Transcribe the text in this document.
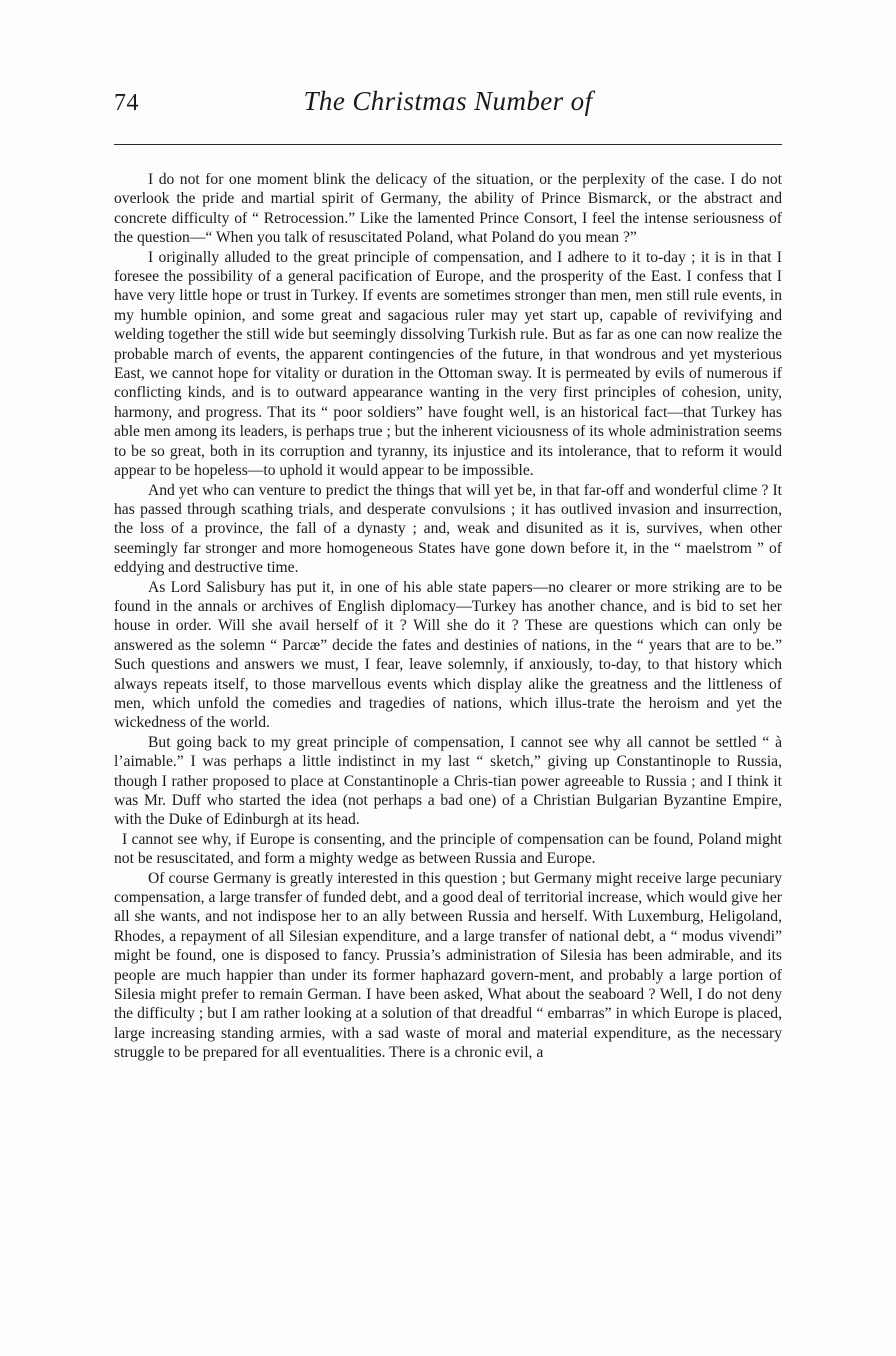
74	The Christmas Number of

I do not for one moment blink the delicacy of the situation, or the perplexity of the case. I do not overlook the pride and martial spirit of Germany, the ability of Prince Bismarck, or the abstract and concrete difficulty of “ Retrocession.” Like the lamented Prince Consort, I feel the intense seriousness of the question—“ When you talk of resuscitated Poland, what Poland do you mean ?”

I originally alluded to the great principle of compensation, and I adhere to it to-day ; it is in that I foresee the possibility of a general pacification of Europe, and the prosperity of the East. I confess that I have very little hope or trust in Turkey. If events are sometimes stronger than men, men still rule events, in my humble opinion, and some great and sagacious ruler may yet start up, capable of revivifying and welding together the still wide but seemingly dissolving Turkish rule. But as far as one can now realize the probable march of events, the apparent contingencies of the future, in that wondrous and yet mysterious East, we cannot hope for vitality or duration in the Ottoman sway. It is permeated by evils of numerous if conflicting kinds, and is to outward appearance wanting in the very first principles of cohesion, unity, harmony, and progress. That its “ poor soldiers” have fought well, is an historical fact—that Turkey has able men among its leaders, is perhaps true ; but the inherent viciousness of its whole administration seems to be so great, both in its corruption and tyranny, its injustice and its intolerance, that to reform it would appear to be hopeless—to uphold it would appear to be impossible.

And yet who can venture to predict the things that will yet be, in that far-off and wonderful clime ? It has passed through scathing trials, and desperate convulsions ; it has outlived invasion and insurrection, the loss of a province, the fall of a dynasty ; and, weak and disunited as it is, survives, when other seemingly far stronger and more homogeneous States have gone down before it, in the “ maelstrom ” of eddying and destructive time.

As Lord Salisbury has put it, in one of his able state papers—no clearer or more striking are to be found in the annals or archives of English diplomacy—Turkey has another chance, and is bid to set her house in order. Will she avail herself of it ? Will she do it ? These are questions which can only be answered as the solemn “ Parcæ” decide the fates and destinies of nations, in the “ years that are to be.” Such questions and answers we must, I fear, leave solemnly, if anxiously, to-day, to that history which always repeats itself, to those marvellous events which display alike the greatness and the littleness of men, which unfold the comedies and tragedies of nations, which illus-trate the heroism and yet the wickedness of the world.

But going back to my great principle of compensation, I cannot see why all cannot be settled “ à l’aimable.” I was perhaps a little indistinct in my last “ sketch,” giving up Constantinople to Russia, though I rather proposed to place at Constantinople a Chris-tian power agreeable to Russia ; and I think it was Mr. Duff who started the idea (not perhaps a bad one) of a Christian Bulgarian Byzantine Empire, with the Duke of Edinburgh at its head.

I cannot see why, if Europe is consenting, and the principle of compensation can be found, Poland might not be resuscitated, and form a mighty wedge as between Russia and Europe.

Of course Germany is greatly interested in this question ; but Germany might receive large pecuniary compensation, a large transfer of funded debt, and a good deal of territorial increase, which would give her all she wants, and not indispose her to an ally between Russia and herself. With Luxemburg, Heligoland, Rhodes, a repayment of all Silesian expenditure, and a large transfer of national debt, a “ modus vivendi” might be found, one is disposed to fancy. Prussia’s administration of Silesia has been admirable, and its people are much happier than under its former haphazard govern-ment, and probably a large portion of Silesia might prefer to remain German. I have been asked, What about the seaboard ? Well, I do not deny the difficulty ; but I am rather looking at a solution of that dreadful “ embarras” in which Europe is placed, large increasing standing armies, with a sad waste of moral and material expenditure, as the necessary struggle to be prepared for all eventualities. There is a chronic evil, a
